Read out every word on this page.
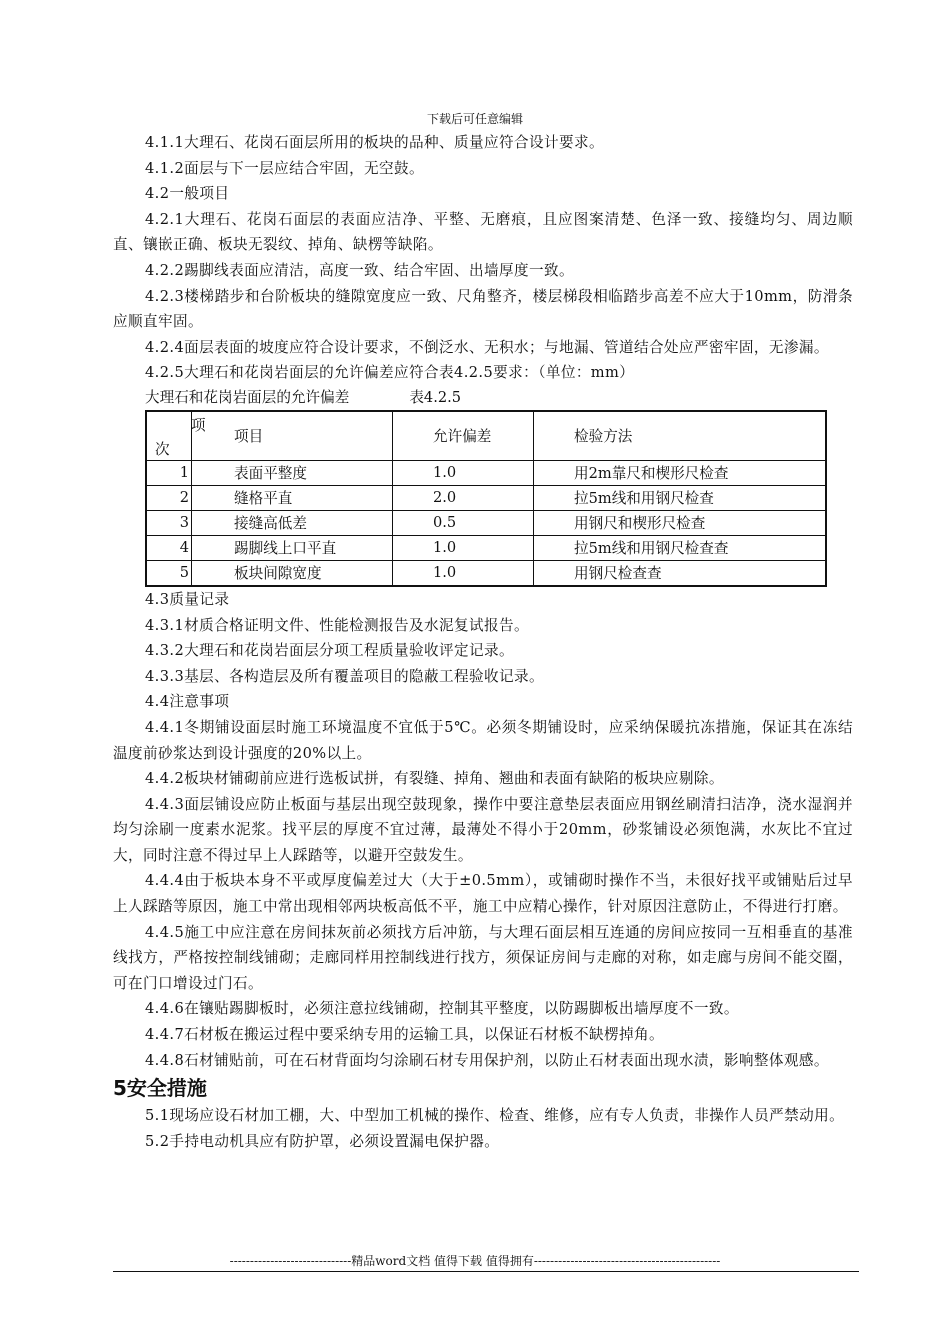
下载后可任意编辑

4.1.1大理石、花岗石面层所用的板块的品种、质量应符合设计要求。

4.1.2面层与下一层应结合牢固，无空鼓。

4.2一般项目

4.2.1大理石、花岗石面层的表面应洁净、平整、无磨痕，且应图案清楚、色泽一致、接缝均匀、周边顺直、镶嵌正确、板块无裂纹、掉角、缺楞等缺陷。

4.2.2踢脚线表面应清洁，高度一致、结合牢固、出墙厚度一致。

4.2.3楼梯踏步和台阶板块的缝隙宽度应一致、尺角整齐，楼层梯段相临踏步高差不应大于10mm，防滑条应顺直牢固。

4.2.4面层表面的坡度应符合设计要求，不倒泛水、无积水；与地漏、管道结合处应严密牢固，无渗漏。

4.2.5大理石和花岗岩面层的允许偏差应符合表4.2.5要求：（单位：mm）

大理石和花岗岩面层的允许偏差	表4.2.5
项
次	项目	允许偏差	检验方法
1	表面平整度	1.0	用2m靠尺和楔形尺检查
2	缝格平直	2.0	拉5m线和用钢尺检查
3	接缝高低差	0.5	用钢尺和楔形尺检查
4	踢脚线上口平直	1.0	拉5m线和用钢尺检查查
5	板块间隙宽度	1.0	用钢尺检查查

4.3质量记录

4.3.1材质合格证明文件、性能检测报告及水泥复试报告。

4.3.2大理石和花岗岩面层分项工程质量验收评定记录。

4.3.3基层、各构造层及所有覆盖项目的隐蔽工程验收记录。

4.4注意事项

4.4.1冬期铺设面层时施工环境温度不宜低于5℃。必须冬期铺设时，应采纳保暖抗冻措施，保证其在冻结温度前砂浆达到设计强度的20%以上。

4.4.2板块材铺砌前应进行选板试拼，有裂缝、掉角、翘曲和表面有缺陷的板块应剔除。

4.4.3面层铺设应防止板面与基层出现空鼓现象，操作中要注意垫层表面应用钢丝刷清扫洁净，浇水湿润并均匀涂刷一度素水泥浆。找平层的厚度不宜过薄，最薄处不得小于20mm，砂浆铺设必须饱满，水灰比不宜过大，同时注意不得过早上人踩踏等，以避开空鼓发生。

4.4.4由于板块本身不平或厚度偏差过大（大于±0.5mm），或铺砌时操作不当，未很好找平或铺贴后过早上人踩踏等原因，施工中常出现相邻两块板高低不平，施工中应精心操作，针对原因注意防止，不得进行打磨。

4.4.5施工中应注意在房间抹灰前必须找方后冲筋，与大理石面层相互连通的房间应按同一互相垂直的基准线找方，严格按控制线铺砌；走廊同样用控制线进行找方，须保证房间与走廊的对称，如走廊与房间不能交圈，可在门口增设过门石。

4.4.6在镶贴踢脚板时，必须注意拉线铺砌，控制其平整度，以防踢脚板出墙厚度不一致。

4.4.7石材板在搬运过程中要采纳专用的运输工具，以保证石材板不缺楞掉角。

4.4.8石材铺贴前，可在石材背面均匀涂刷石材专用保护剂，以防止石材表面出现水渍，影响整体观感。

5安全措施

5.1现场应设石材加工棚，大、中型加工机械的操作、检查、维修，应有专人负责，非操作人员严禁动用。

5.2手持电动机具应有防护罩，必须设置漏电保护器。

------------------------------精品word文档 值得下载 值得拥有----------------------------------------------
